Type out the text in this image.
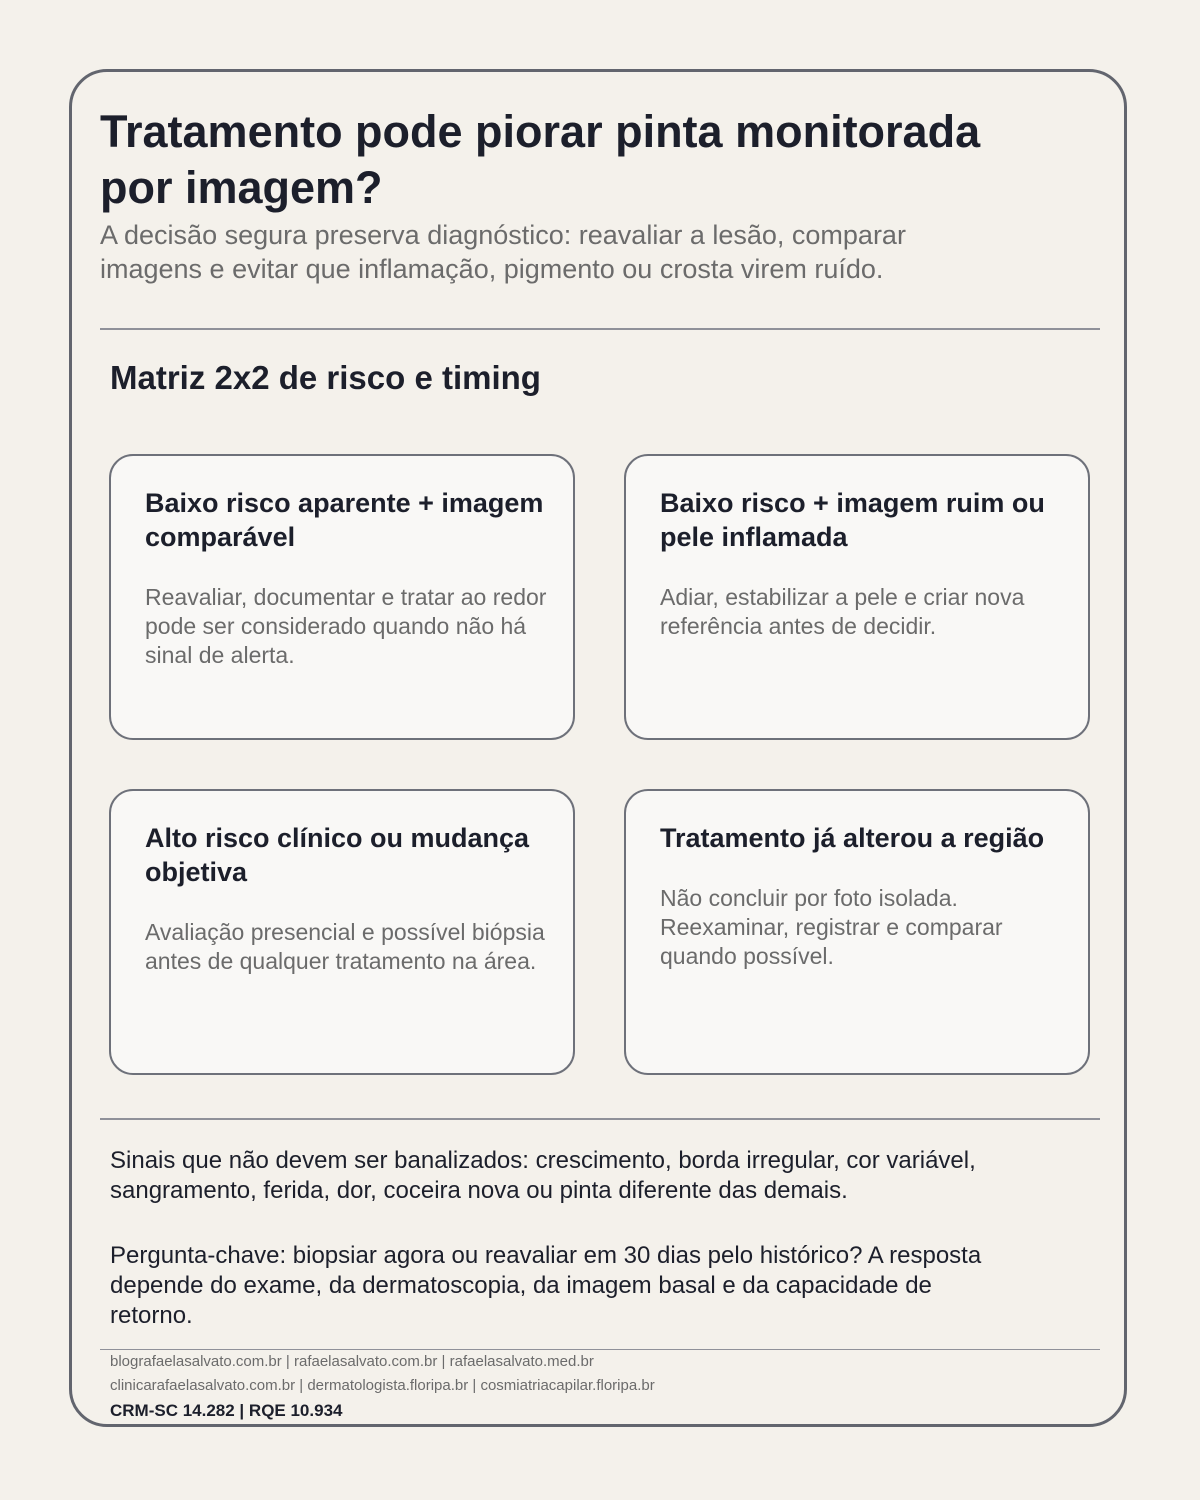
Tratamento pode piorar pinta monitorada por imagem?

A decisão segura preserva diagnóstico: reavaliar a lesão, comparar imagens e evitar que inflamação, pigmento ou crosta virem ruído.

Matriz 2x2 de risco e timing
Baixo risco aparente + imagem comparável

Reavaliar, documentar e tratar ao redor pode ser considerado quando não há sinal de alerta.

Baixo risco + imagem ruim ou pele inflamada

Adiar, estabilizar a pele e criar nova referência antes de decidir.

Alto risco clínico ou mudança objetiva

Avaliação presencial e possível biópsia antes de qualquer tratamento na área.

Tratamento já alterou a região

Não concluir por foto isolada. Reexaminar, registrar e comparar quando possível.

Sinais que não devem ser banalizados: crescimento, borda irregular, cor variável, sangramento, ferida, dor, coceira nova ou pinta diferente das demais.

Pergunta-chave: biopsiar agora ou reavaliar em 30 dias pelo histórico? A resposta depende do exame, da dermatoscopia, da imagem basal e da capacidade de retorno.

blografaelasalvato.com.br | rafaelasalvato.com.br | rafaelasalvato.med.br

clinicarafaelasalvato.com.br | dermatologista.floripa.br | cosmiatriacapilar.floripa.br

CRM-SC 14.282 | RQE 10.934
